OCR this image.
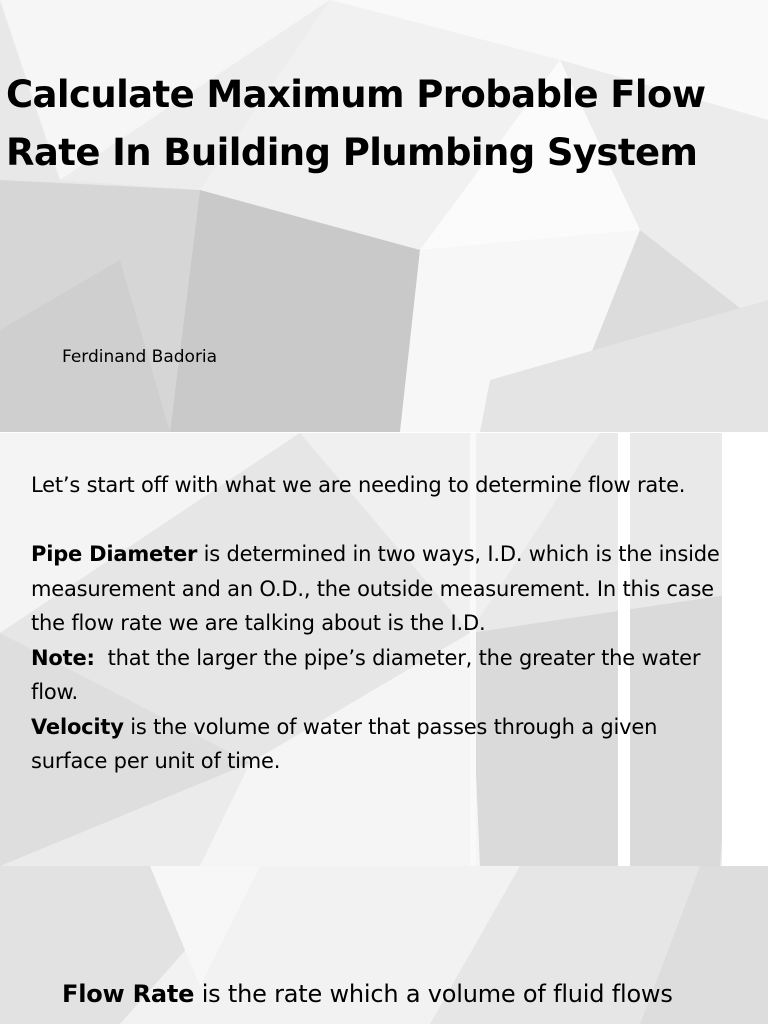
Calculate Maximum Probable Flow Rate In Building Plumbing System
Ferdinand Badoria

Let’s start off with what we are needing to determine flow rate.

Pipe Diameter is determined in two ways, I.D. which is the inside measurement and an O.D., the outside measurement. In this case the flow rate we are talking about is the I.D.

Note:  that the larger the pipe’s diameter, the greater the water flow.

Velocity is the volume of water that passes through a given surface per unit of time.

Flow Rate is the rate which a volume of fluid flows
